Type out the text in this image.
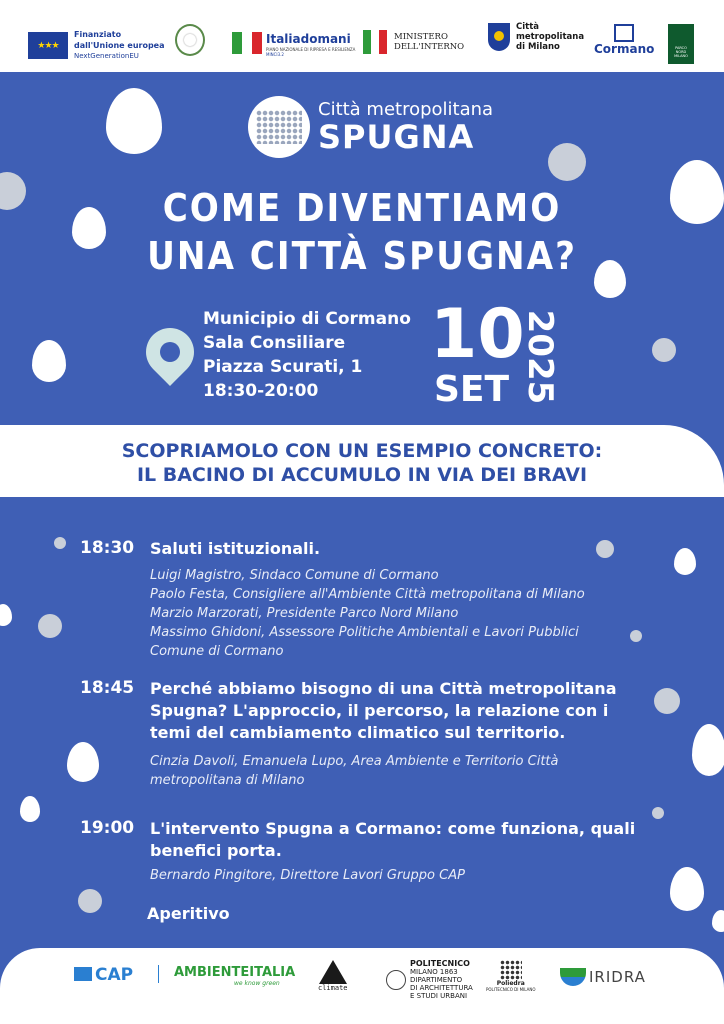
★★★
Finanziato
dall'Unione europea
NextGenerationEU
Italiadomani
PIANO NAZIONALE DI RIPRESA E RESILIENZA
MINCI3.2
MINISTERO
DELL'INTERNO
Città
metropolitana
di Milano	Cormano	PARCO
NORD
MILANO
Città metropolitana
SPUGNA
COME DIVENTIAMO
UNA CITTÀ SPUGNA?
Municipio di Cormano
Sala Consiliare
Piazza Scurati, 1
18:30-20:00
10
SET 2025
SCOPRIAMOLO CON UN ESEMPIO CONCRETO:
IL BACINO DI ACCUMULO IN VIA DEI BRAVI
18:30 Saluti istituzionali.
Luigi Magistro, Sindaco Comune di Cormano
Paolo Festa, Consigliere all'Ambiente Città metropolitana di Milano
Marzio Marzorati, Presidente Parco Nord Milano
Massimo Ghidoni, Assessore Politiche Ambientali e Lavori Pubblici
Comune di Cormano
18:45 Perché abbiamo bisogno di una Città metropolitana Spugna? L'approccio, il percorso, la relazione con i temi del cambiamento climatico sul territorio.
Cinzia Davoli, Emanuela Lupo, Area Ambiente e Territorio Città
metropolitana di Milano
19:00 L'intervento Spugna a Cormano: come funziona, quali benefici porta.
Bernardo Pingitore, Direttore Lavori Gruppo CAP
Aperitivo
CAP	AMBIENTEITALIA
we know green
climate
POLITECNICO
MILANO 1863
DIPARTIMENTO
DI ARCHITETTURA
E STUDI URBANI
Poliedra
POLITECNICO DI MILANO
IRIDRA
